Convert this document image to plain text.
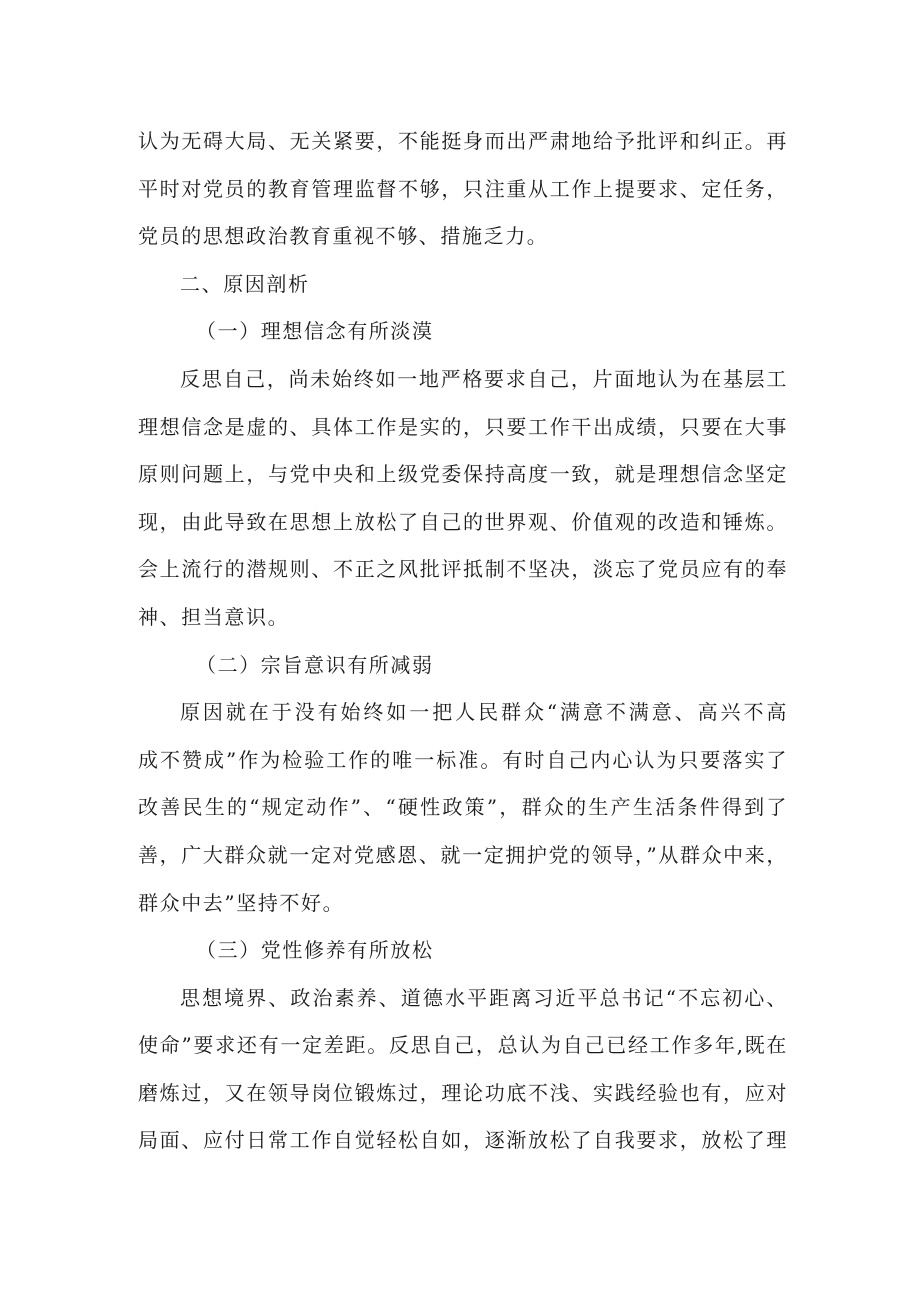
认为无碍大局、无关紧要，不能挺身而出严肃地给予批评和纠正。再
平时对党员的教育管理监督不够，只注重从工作上提要求、定任务，
党员的思想政治教育重视不够、措施乏力。
二、原因剖析
（一）理想信念有所淡漠
反思自己，尚未始终如一地严格要求自己，片面地认为在基层工
理想信念是虚的、具体工作是实的，只要工作干出成绩，只要在大事
原则问题上，与党中央和上级党委保持高度一致，就是理想信念坚定
现，由此导致在思想上放松了自己的世界观、价值观的改造和锤炼。
会上流行的潜规则、不正之风批评抵制不坚决，淡忘了党员应有的奉
神、担当意识。
（二）宗旨意识有所减弱
原因就在于没有始终如一把人民群众“满意不满意、高兴不高
成不赞成”作为检验工作的唯一标准。有时自己内心认为只要落实了
改善民生的“规定动作”、“硬性政策”，群众的生产生活条件得到了
善，广大群众就一定对党感恩、就一定拥护党的领导，”从群众中来，
群众中去”坚持不好。
（三）党性修养有所放松
思想境界、政治素养、道德水平距离习近平总书记“不忘初心、
使命”要求还有一定差距。反思自己，总认为自己已经工作多年,既在
磨炼过，又在领导岗位锻炼过，理论功底不浅、实践经验也有，应对
局面、应付日常工作自觉轻松自如，逐渐放松了自我要求，放松了理
